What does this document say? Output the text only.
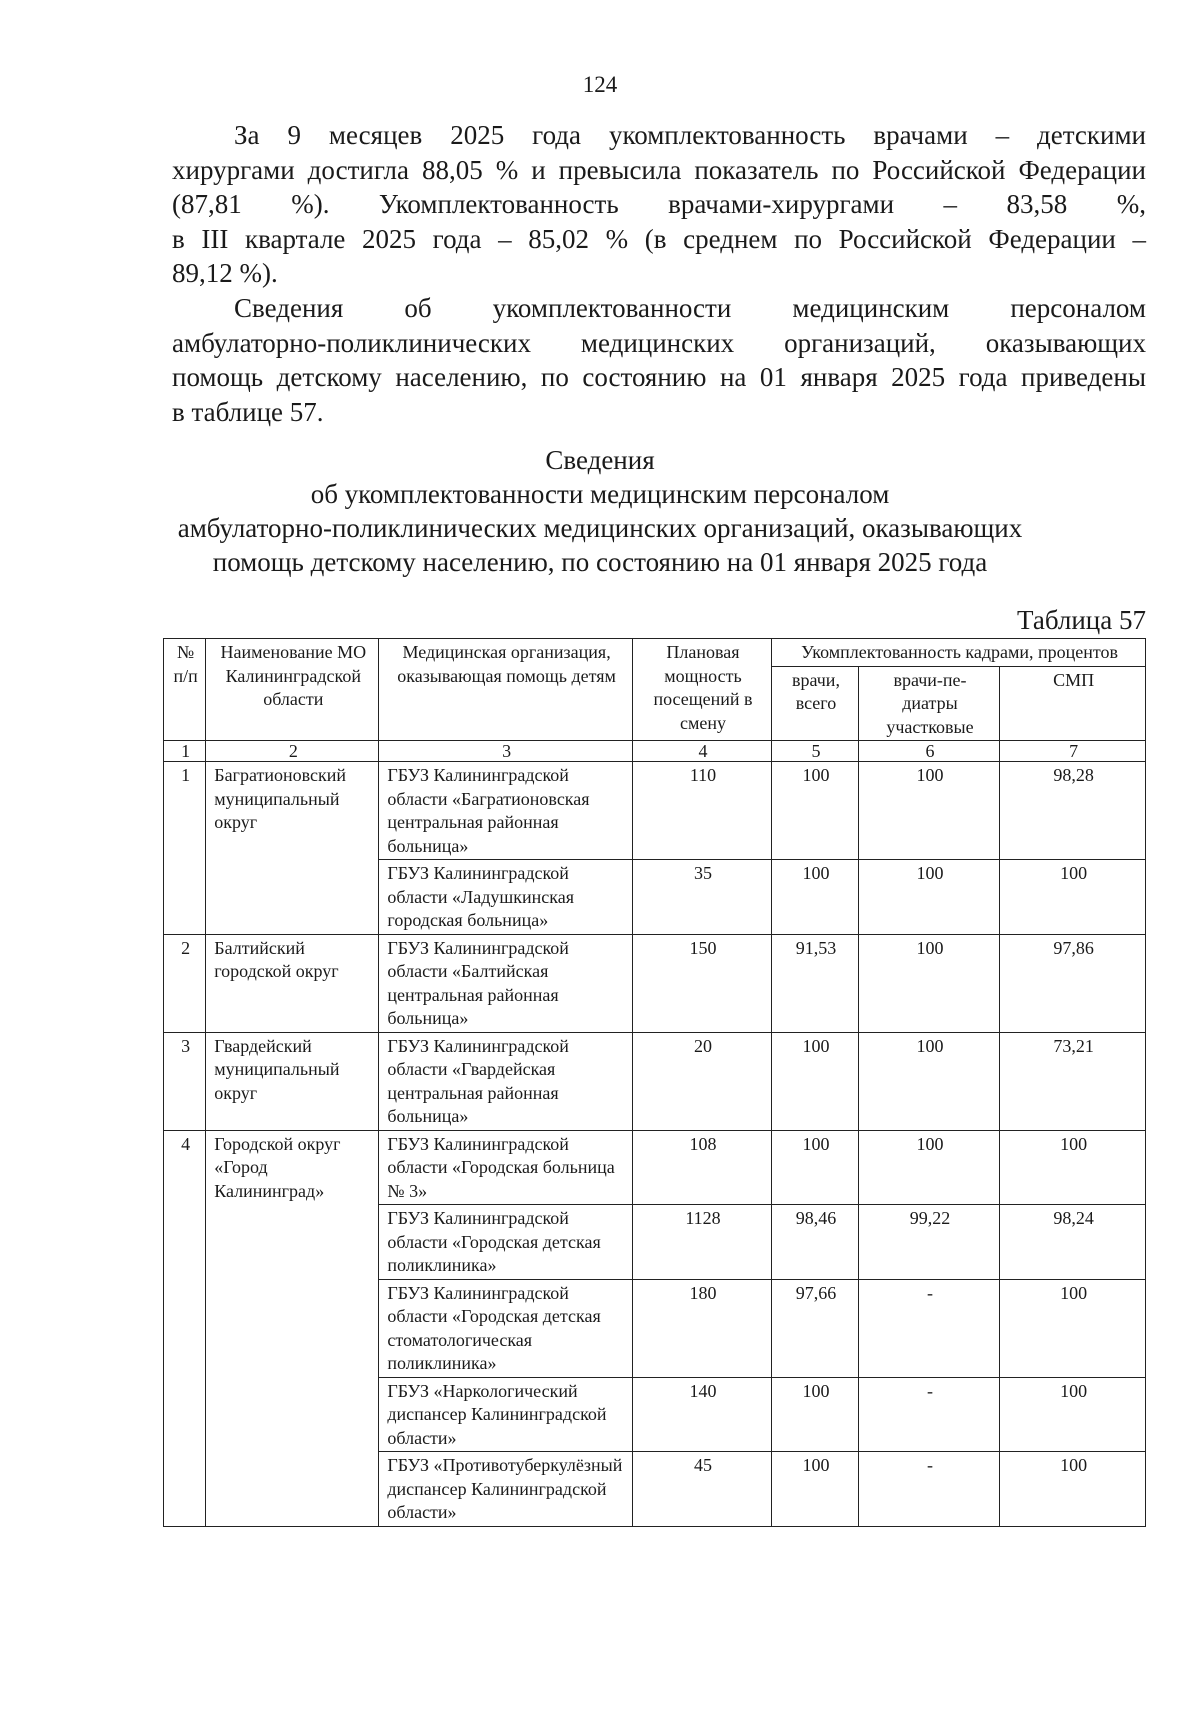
124

За 9 месяцев 2025 года укомплектованность врачами – детскими
хирургами достигла 88,05 % и превысила показатель по Российской Федерации
(87,81 %). Укомплектованность врачами-хирургами – 83,58 %,
в III квартале 2025 года – 85,02 % (в среднем по Российской Федерации –
89,12 %).

Сведения об укомплектованности медицинским персоналом
амбулаторно-поликлинических медицинских организаций, оказывающих
помощь детскому населению, по состоянию на 01 января 2025 года приведены
в таблице 57.

Сведения
об укомплектованности медицинским персоналом
амбулаторно-поликлинических медицинских организаций, оказывающих
помощь детскому населению, по состоянию на 01 января 2025 года
Таблица 57
№ п/п	Наименование МО Калининградской области	Медицинская организация, оказывающая помощь детям	Плановая мощность посещений в смену	Укомплектованность кадрами, процентов		
				врачи, всего	врачи-пе-диатры участковые	СМП
1	2	3	4	5	6	7
1	Багратионовский муниципальный округ	ГБУЗ Калининградской области «Багратионовская центральная районная больница»	110	100	100	98,28
		ГБУЗ Калининградской области «Ладушкинская городская больница»	35	100	100	100
2	Балтийский городской округ	ГБУЗ Калининградской области «Балтийская центральная районная больница»	150	91,53	100	97,86
3	Гвардейский муниципальный округ	ГБУЗ Калининградской области «Гвардейская центральная районная больница»	20	100	100	73,21
4	Городской округ «Город Калининград»	ГБУЗ Калининградской области «Городская больница № 3»	108	100	100	100
		ГБУЗ Калининградской области «Городская детская поликлиника»	1128	98,46	99,22	98,24
		ГБУЗ Калининградской области «Городская детская стоматологическая поликлиника»	180	97,66	-	100
		ГБУЗ «Наркологический диспансер Калининградской области»	140	100	-	100
		ГБУЗ «Противотуберкулёзный диспансер Калининградской области»	45	100	-	100
